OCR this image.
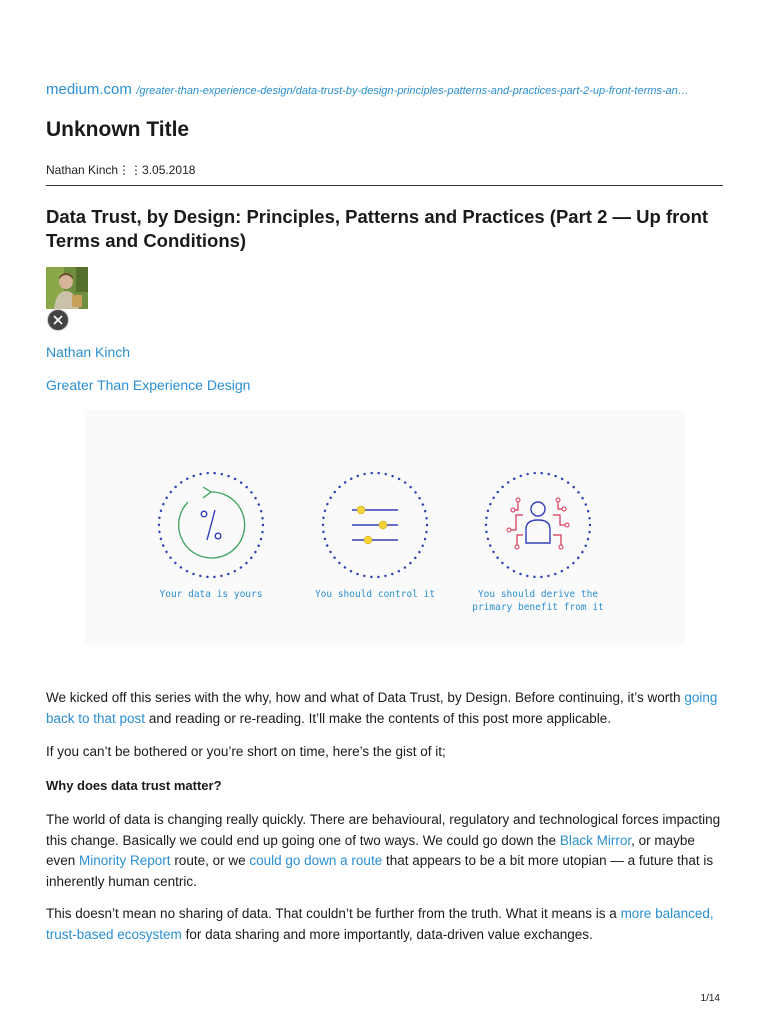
medium.com /greater-than-experience-design/data-trust-by-design-principles-patterns-and-practices-part-2-up-front-terms-an…
Unknown Title
Nathan Kinch⋮⋮3.05.2018
Data Trust, by Design: Principles, Patterns and Practices (Part 2 — Up front Terms and Conditions)
Nathan Kinch
Greater Than Experience Design
Your data is yours	You should control it	You should derive the
primary benefit from it

We kicked off this series with the why, how and what of Data Trust, by Design. Before continuing, it’s worth going back to that post and reading or re-reading. It’ll make the contents of this post more applicable.

If you can’t be bothered or you’re short on time, here’s the gist of it;

Why does data trust matter?

The world of data is changing really quickly. There are behavioural, regulatory and technological forces impacting this change. Basically we could end up going one of two ways. We could go down the Black Mirror, or maybe even Minority Report route, or we could go down a route that appears to be a bit more utopian — a future that is inherently human centric.

This doesn’t mean no sharing of data. That couldn’t be further from the truth. What it means is a more balanced, trust-based ecosystem for data sharing and more importantly, data-driven value exchanges.

1/14
